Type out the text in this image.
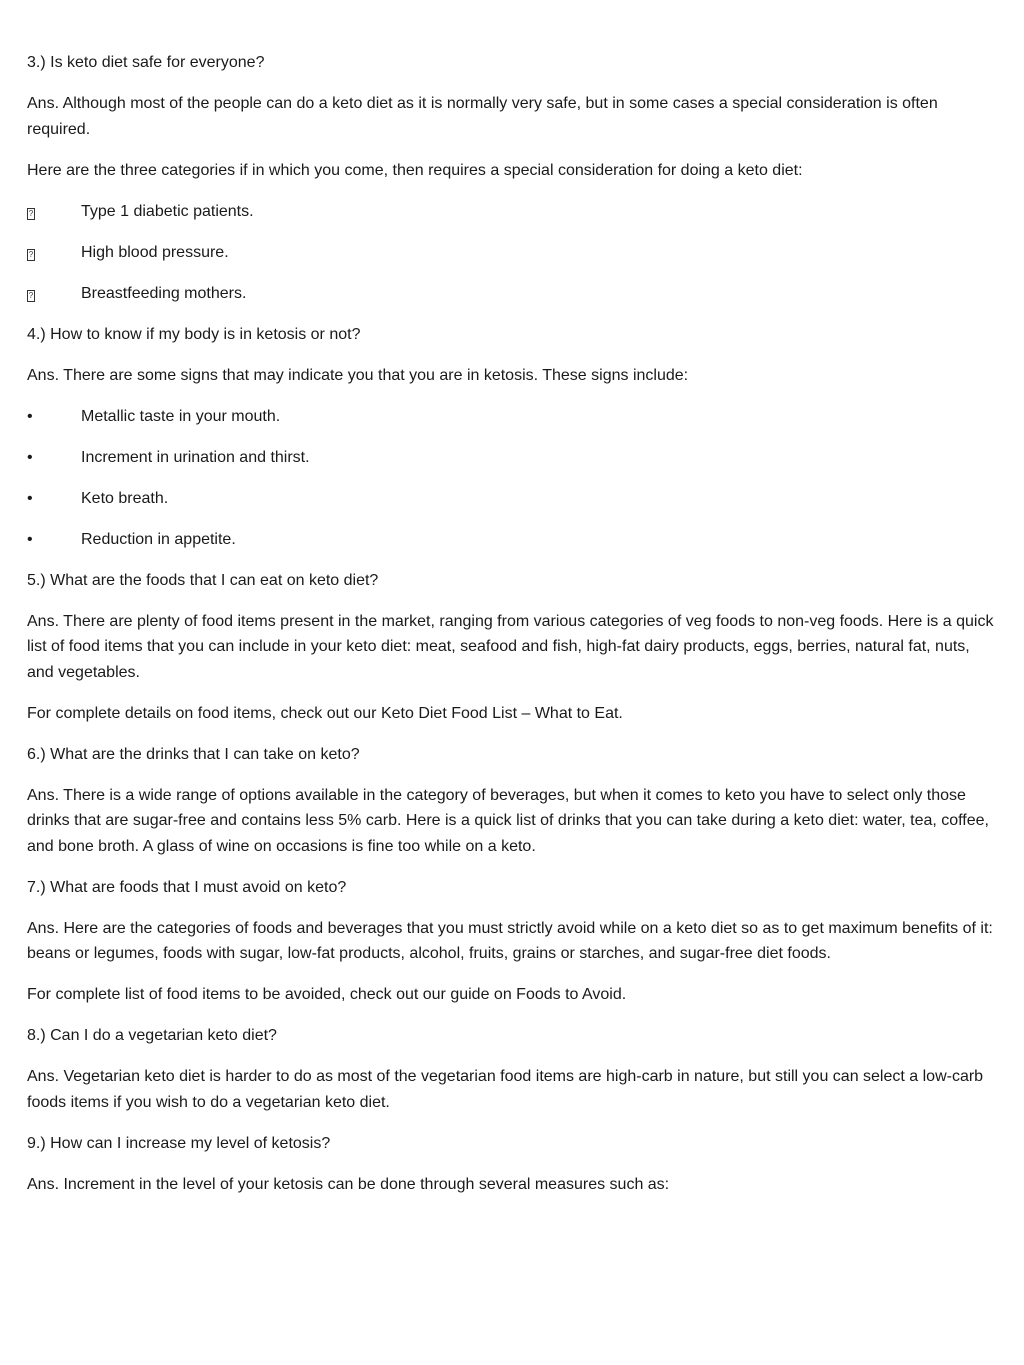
3.) Is keto diet safe for everyone?

Ans. Although most of the people can do a keto diet as it is normally very safe, but in some cases a special consideration is often required.

Here are the three categories if in which you come, then requires a special consideration for doing a keto diet:

?	Type 1 diabetic patients.
?	High blood pressure.
?	Breastfeeding mothers.

4.) How to know if my body is in ketosis or not?

Ans. There are some signs that may indicate you that you are in ketosis. These signs include:

•	Metallic taste in your mouth.
•	Increment in urination and thirst.
•	Keto breath.
•	Reduction in appetite.

5.) What are the foods that I can eat on keto diet?

Ans. There are plenty of food items present in the market, ranging from various categories of veg foods to non-veg foods. Here is a quick list of food items that you can include in your keto diet: meat, seafood and fish, high-fat dairy products, eggs, berries, natural fat, nuts, and vegetables.

For complete details on food items, check out our Keto Diet Food List – What to Eat.

6.) What are the drinks that I can take on keto?

Ans. There is a wide range of options available in the category of beverages, but when it comes to keto you have to select only those drinks that are sugar-free and contains less 5% carb. Here is a quick list of drinks that you can take during a keto diet: water, tea, coffee, and bone broth. A glass of wine on occasions is fine too while on a keto.

7.) What are foods that I must avoid on keto?

Ans. Here are the categories of foods and beverages that you must strictly avoid while on a keto diet so as to get maximum benefits of it: beans or legumes, foods with sugar, low-fat products, alcohol, fruits, grains or starches, and sugar-free diet foods.

For complete list of food items to be avoided, check out our guide on Foods to Avoid.

8.) Can I do a vegetarian keto diet?

Ans. Vegetarian keto diet is harder to do as most of the vegetarian food items are high-carb in nature, but still you can select a low-carb foods items if you wish to do a vegetarian keto diet.

9.) How can I increase my level of ketosis?

Ans. Increment in the level of your ketosis can be done through several measures such as:
